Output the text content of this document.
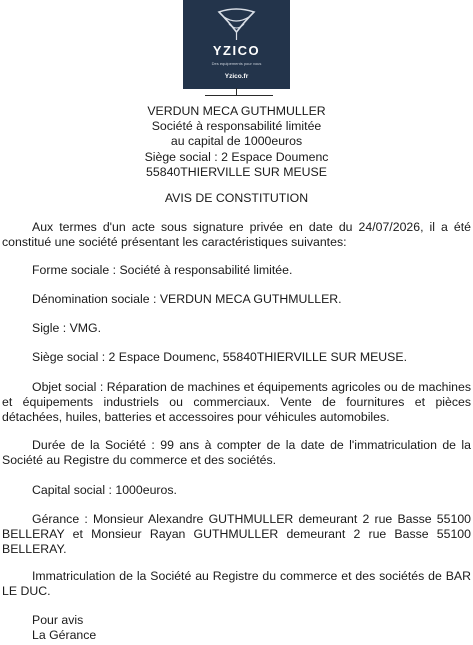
YZICO
Des equipements pour vous
Yzico.fr
VERDUN MECA GUTHMULLER
Société à responsabilité limitée
au capital de 1000euros
Siège social : 2 Espace Doumenc
55840THIERVILLE SUR MEUSE
AVIS DE CONSTITUTION
Aux termes d'un acte sous signature privée en date du 24/07/2026, il a été constitué une société présentant les caractéristiques suivantes:
Forme sociale : Société à responsabilité limitée.
Dénomination sociale : VERDUN MECA GUTHMULLER.
Sigle : VMG.
Siège social : 2 Espace Doumenc, 55840THIERVILLE SUR MEUSE.
Objet social : Réparation de machines et équipements agricoles ou de machines et équipements industriels ou commerciaux. Vente de fournitures et pièces détachées, huiles, batteries et accessoires pour véhicules automobiles.
Durée de la Société : 99 ans à compter de la date de l'immatriculation de la Société au Registre du commerce et des sociétés.
Capital social : 1000euros.
Gérance : Monsieur Alexandre GUTHMULLER demeurant 2 rue Basse 55100 BELLERAY et Monsieur Rayan GUTHMULLER demeurant 2 rue Basse 55100 BELLERAY.
Immatriculation de la Société au Registre du commerce et des sociétés de BAR LE DUC.
Pour avis
La Gérance
